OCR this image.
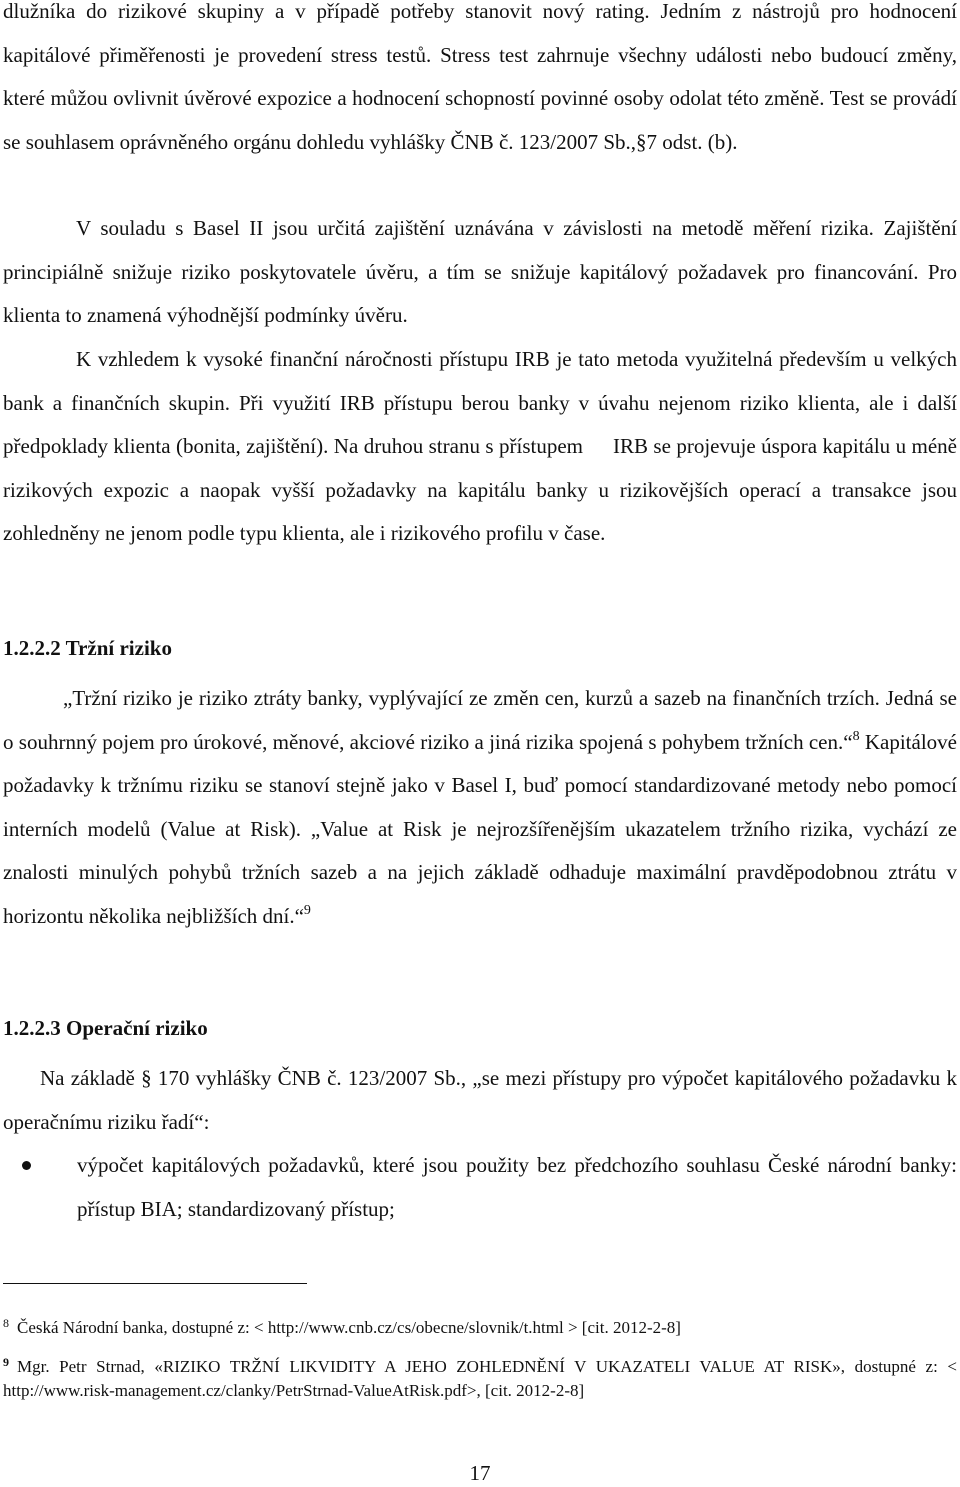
dlužníka do rizikové skupiny a v případě potřeby stanovit nový rating. Jedním z nástrojů pro hodnocení kapitálové přiměřenosti je provedení stress testů. Stress test zahrnuje všechny události nebo budoucí změny, které můžou ovlivnit úvěrové expozice a hodnocení schopností povinné osoby odolat této změně. Test se provádí se souhlasem oprávněného orgánu dohledu vyhlášky ČNB č. 123/2007 Sb.,§7 odst. (b).

V souladu s Basel II jsou určitá zajištění uznávána v závislosti na metodě měření rizika. Zajištění principiálně snižuje riziko poskytovatele úvěru, a tím se snižuje kapitálový požadavek pro financování. Pro klienta to znamená výhodnější podmínky úvěru.

K vzhledem k vysoké finanční náročnosti přístupu IRB je tato metoda využitelná především u velkých bank a finančních skupin. Při využití IRB přístupu berou banky v úvahu nejenom riziko klienta, ale i další předpoklady klienta (bonita, zajištění). Na druhou stranu s přístupem IRB se projevuje úspora kapitálu u méně rizikových expozic a naopak vyšší požadavky na kapitálu banky u rizikovějších operací a transakce jsou zohledněny ne jenom podle typu klienta, ale i rizikového profilu v čase.

1.2.2.2 Tržní riziko

„Tržní riziko je riziko ztráty banky, vyplývající ze změn cen, kurzů a sazeb na finančních trzích. Jedná se o souhrnný pojem pro úrokové, měnové, akciové riziko a jiná rizika spojená s pohybem tržních cen.“$^8$ Kapitálové požadavky k tržnímu riziku se stanoví stejně jako v Basel I, buď pomocí standardizované metody nebo pomocí interních modelů (Value at Risk). „Value at Risk je nejrozšířenějším ukazatelem tržního rizika, vychází ze znalosti minulých pohybů tržních sazeb a na jejich základě odhaduje maximální pravděpodobnou ztrátu v horizontu několika nejbližších dní.“$^9$

1.2.2.3 Operační riziko

Na základě § 170 vyhlášky ČNB č. 123/2007 Sb., „se mezi přístupy pro výpočet kapitálového požadavku k operačnímu riziku řadí“:

výpočet kapitálových požadavků, které jsou použity bez předchozího souhlasu České národní banky: přístup BIA; standardizovaný přístup;

$^8$ Česká Národní banka, dostupné z: < http://www.cnb.cz/cs/obecne/slovnik/t.html > [cit. 2012-2-8]

$^9$ Mgr. Petr Strnad, «RIZIKO TRŽNÍ LIKVIDITY A JEHO ZOHLEDNĚNÍ V UKAZATELI VALUE AT RISK», dostupné z: < http://www.risk-management.cz/clanky/PetrStrnad-ValueAtRisk.pdf>, [cit. 2012-2-8]

17
